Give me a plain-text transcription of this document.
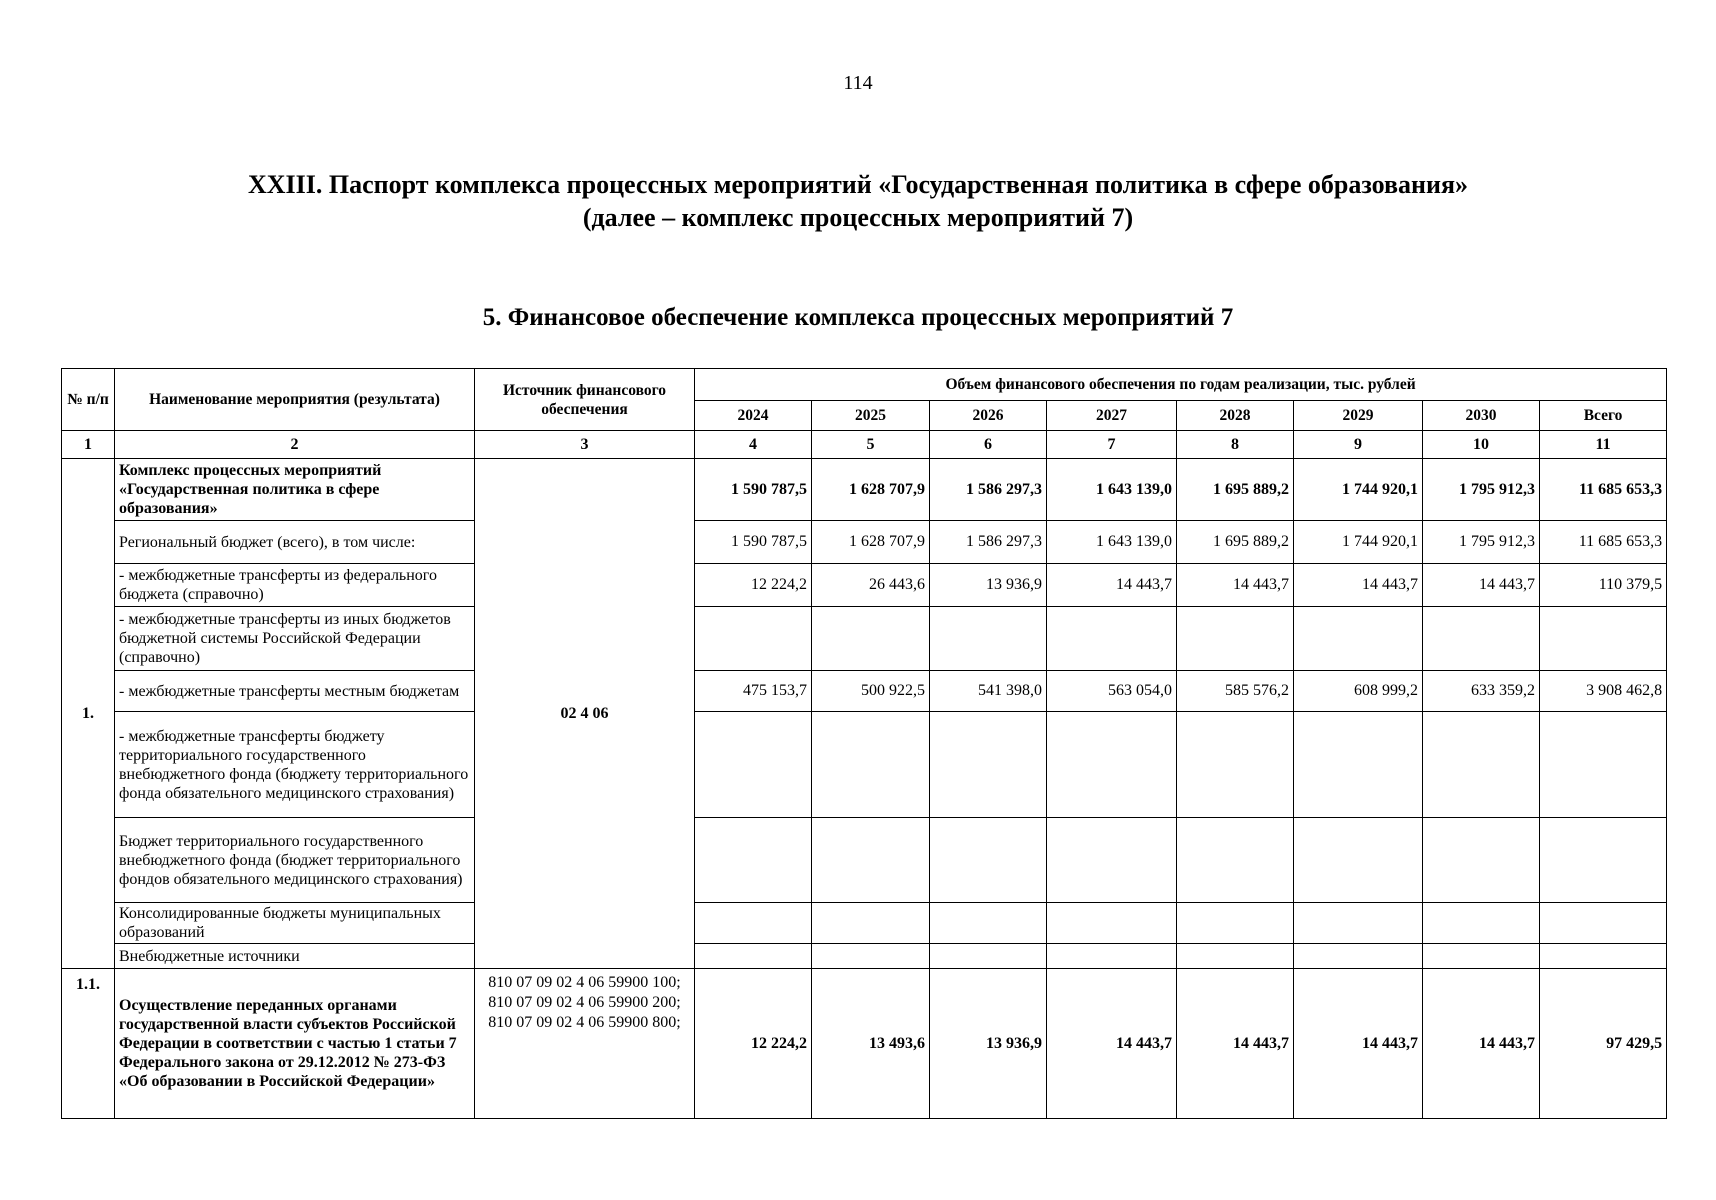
114
XXIII. Паспорт комплекса процессных мероприятий «Государственная политика в сфере образования»
(далее – комплекс процессных мероприятий 7)
5. Финансовое обеспечение комплекса процессных мероприятий 7
№ п/п	Наименование мероприятия (результата)	Источник финансового обеспечения	Объем финансового обеспечения по годам реализации, тыс. рублей							
			2024	2025	2026	2027	2028	2029	2030	Всего
1	2	3	4	5	6	7	8	9	10	11
1.	Комплекс процессных мероприятий «Государственная политика в сфере образования»	02 4 06	1 590 787,5	1 628 707,9	1 586 297,3	1 643 139,0	1 695 889,2	1 744 920,1	1 795 912,3	11 685 653,3
	Региональный бюджет (всего), в том числе:		1 590 787,5	1 628 707,9	1 586 297,3	1 643 139,0	1 695 889,2	1 744 920,1	1 795 912,3	11 685 653,3
	- межбюджетные трансферты из федерального бюджета (справочно)		12 224,2	26 443,6	13 936,9	14 443,7	14 443,7	14 443,7	14 443,7	110 379,5
	- межбюджетные трансферты из иных бюджетов бюджетной системы Российской Федерации (справочно)									
	- межбюджетные трансферты местным бюджетам		475 153,7	500 922,5	541 398,0	563 054,0	585 576,2	608 999,2	633 359,2	3 908 462,8
	- межбюджетные трансферты бюджету территориального государственного внебюджетного фонда (бюджету территориального фонда обязательного медицинского страхования)									
	Бюджет территориального государственного внебюджетного фонда (бюджет территориального фондов обязательного медицинского страхования)									
	Консолидированные бюджеты муниципальных образований									
	Внебюджетные источники									
1.1.	Осуществление переданных органами государственной власти субъектов Российской Федерации в соответствии с частью 1 статьи 7 Федерального закона от 29.12.2012 № 273-ФЗ «Об образовании в Российской Федерации»	810 07 09 02 4 06 59900 100; 810 07 09 02 4 06 59900 200; 810 07 09 02 4 06 59900 800;	12 224,2	13 493,6	13 936,9	14 443,7	14 443,7	14 443,7	14 443,7	97 429,5
